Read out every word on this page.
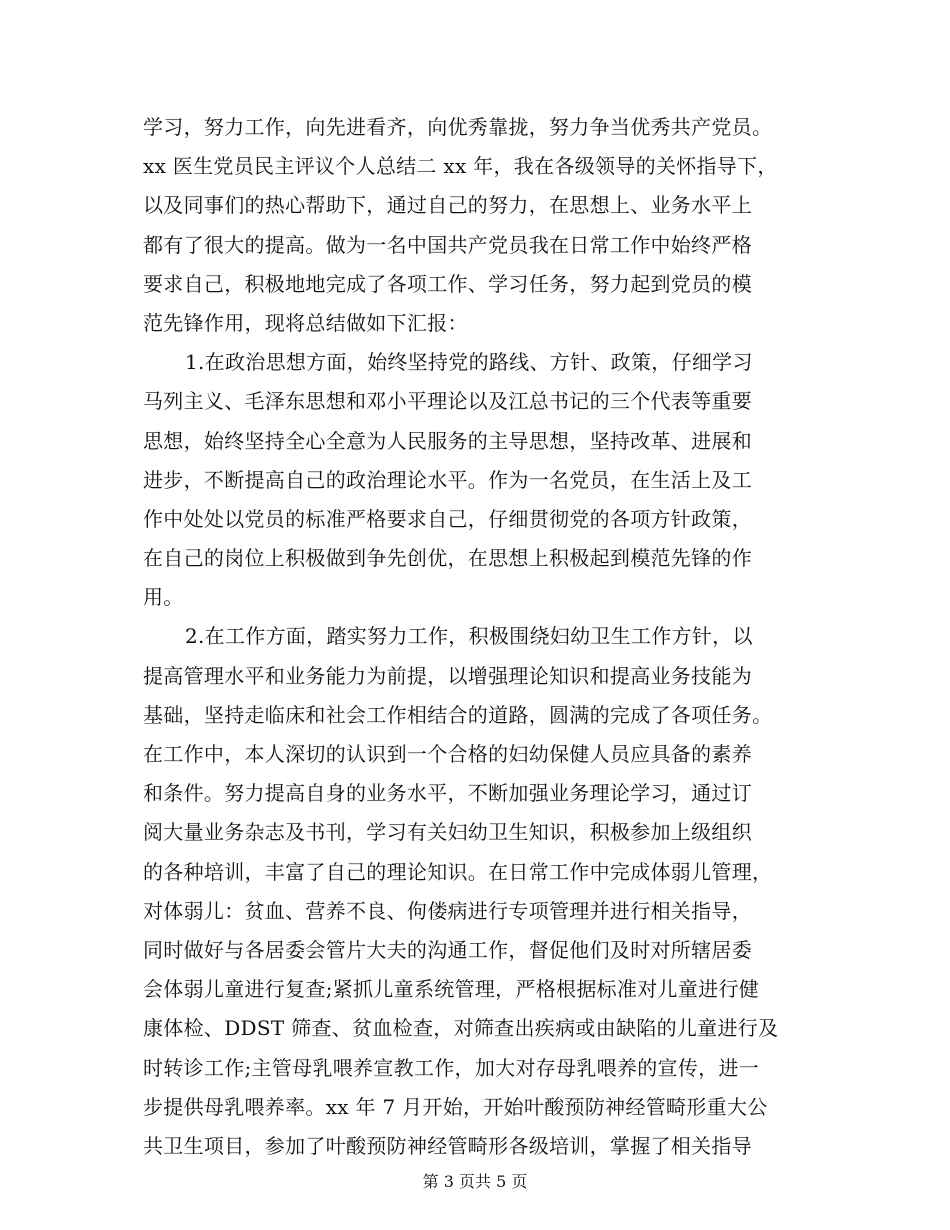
学习，努力工作，向先进看齐，向优秀靠拢，努力争当优秀共产党员。
xx 医生党员民主评议个人总结二 xx 年，我在各级领导的关怀指导下，
以及同事们的热心帮助下，通过自己的努力，在思想上、业务水平上
都有了很大的提高。做为一名中国共产党员我在日常工作中始终严格
要求自己，积极地地完成了各项工作、学习任务，努力起到党员的模
范先锋作用，现将总结做如下汇报：
1.在政治思想方面，始终坚持党的路线、方针、政策，仔细学习
马列主义、毛泽东思想和邓小平理论以及江总书记的三个代表等重要
思想，始终坚持全心全意为人民服务的主导思想，坚持改革、进展和
进步，不断提高自己的政治理论水平。作为一名党员，在生活上及工
作中处处以党员的标准严格要求自己，仔细贯彻党的各项方针政策，
在自己的岗位上积极做到争先创优，在思想上积极起到模范先锋的作
用。
2.在工作方面，踏实努力工作，积极围绕妇幼卫生工作方针，以
提高管理水平和业务能力为前提，以增强理论知识和提高业务技能为
基础，坚持走临床和社会工作相结合的道路，圆满的完成了各项任务。
在工作中，本人深切的认识到一个合格的妇幼保健人员应具备的素养
和条件。努力提高自身的业务水平，不断加强业务理论学习，通过订
阅大量业务杂志及书刊，学习有关妇幼卫生知识，积极参加上级组织
的各种培训，丰富了自己的理论知识。在日常工作中完成体弱儿管理，
对体弱儿：贫血、营养不良、佝偻病进行专项管理并进行相关指导，
同时做好与各居委会管片大夫的沟通工作，督促他们及时对所辖居委
会体弱儿童进行复查;紧抓儿童系统管理，严格根据标准对儿童进行健
康体检、DDST 筛查、贫血检查，对筛查出疾病或由缺陷的儿童进行及
时转诊工作;主管母乳喂养宣教工作，加大对存母乳喂养的宣传，进一
步提供母乳喂养率。xx 年 7 月开始，开始叶酸预防神经管畸形重大公
共卫生项目，参加了叶酸预防神经管畸形各级培训，掌握了相关指导
第 3 页共 5 页
